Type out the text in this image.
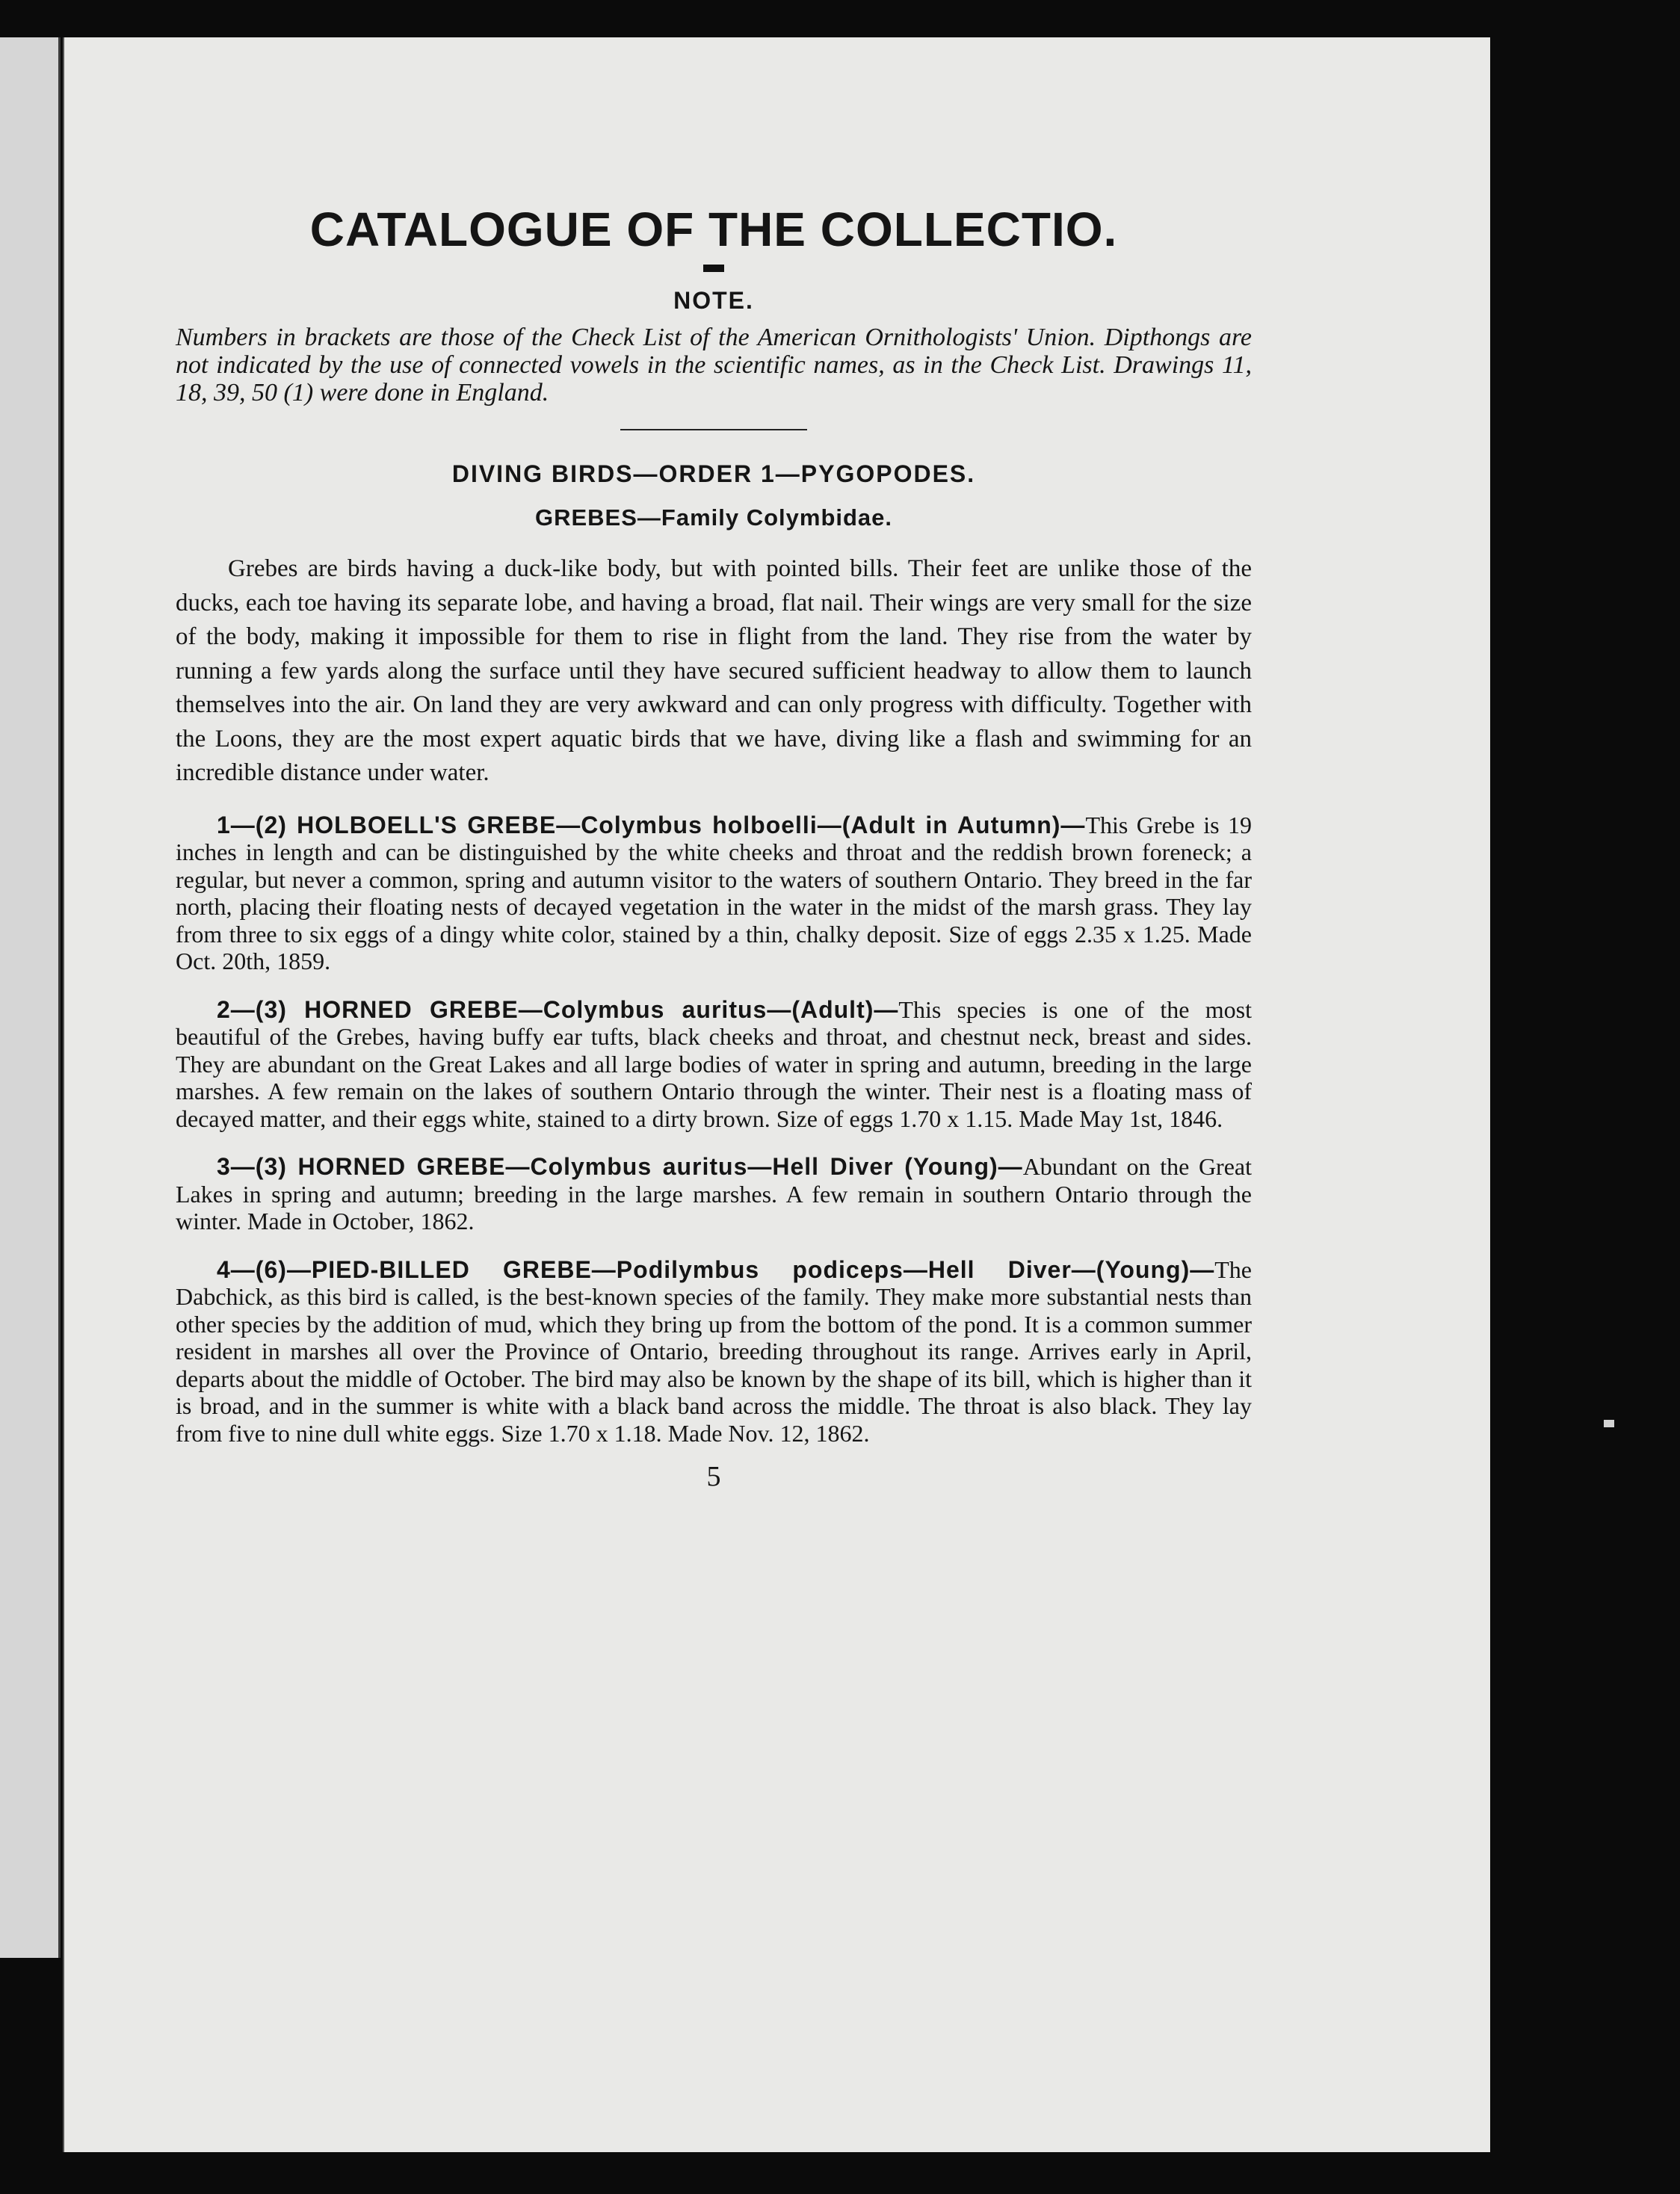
CATALOGUE OF THE COLLECTIO.
NOTE.

Numbers in brackets are those of the Check List of the American Ornithologists' Union. Dipthongs are not indicated by the use of connected vowels in the scientific names, as in the Check List. Drawings 11, 18, 39, 50 (1) were done in England.

DIVING BIRDS—ORDER 1—PYGOPODES.
GREBES—Family Colymbidae.

Grebes are birds having a duck-like body, but with pointed bills. Their feet are unlike those of the ducks, each toe having its separate lobe, and having a broad, flat nail. Their wings are very small for the size of the body, making it impossible for them to rise in flight from the land. They rise from the water by running a few yards along the surface until they have secured sufficient headway to allow them to launch themselves into the air. On land they are very awkward and can only progress with difficulty. Together with the Loons, they are the most expert aquatic birds that we have, diving like a flash and swimming for an incredible distance under water.

1—(2) HOLBOELL'S GREBE—Colymbus holboelli—(Adult in Autumn)—This Grebe is 19 inches in length and can be distinguished by the white cheeks and throat and the reddish brown foreneck; a regular, but never a common, spring and autumn visitor to the waters of southern Ontario. They breed in the far north, placing their floating nests of decayed vegetation in the water in the midst of the marsh grass. They lay from three to six eggs of a dingy white color, stained by a thin, chalky deposit. Size of eggs 2.35 x 1.25. Made Oct. 20th, 1859.

2—(3) HORNED GREBE—Colymbus auritus—(Adult)—This species is one of the most beautiful of the Grebes, having buffy ear tufts, black cheeks and throat, and chestnut neck, breast and sides. They are abundant on the Great Lakes and all large bodies of water in spring and autumn, breeding in the large marshes. A few remain on the lakes of southern Ontario through the winter. Their nest is a floating mass of decayed matter, and their eggs white, stained to a dirty brown. Size of eggs 1.70 x 1.15. Made May 1st, 1846.

3—(3) HORNED GREBE—Colymbus auritus—Hell Diver (Young)—Abundant on the Great Lakes in spring and autumn; breeding in the large marshes. A few remain in southern Ontario through the winter. Made in October, 1862.

4—(6)—PIED-BILLED GREBE—Podilymbus podiceps—Hell Diver—(Young)—The Dabchick, as this bird is called, is the best-known species of the family. They make more substantial nests than other species by the addition of mud, which they bring up from the bottom of the pond. It is a common summer resident in marshes all over the Province of Ontario, breeding throughout its range. Arrives early in April, departs about the middle of October. The bird may also be known by the shape of its bill, which is higher than it is broad, and in the summer is white with a black band across the middle. The throat is also black. They lay from five to nine dull white eggs. Size 1.70 x 1.18. Made Nov. 12, 1862.

5
